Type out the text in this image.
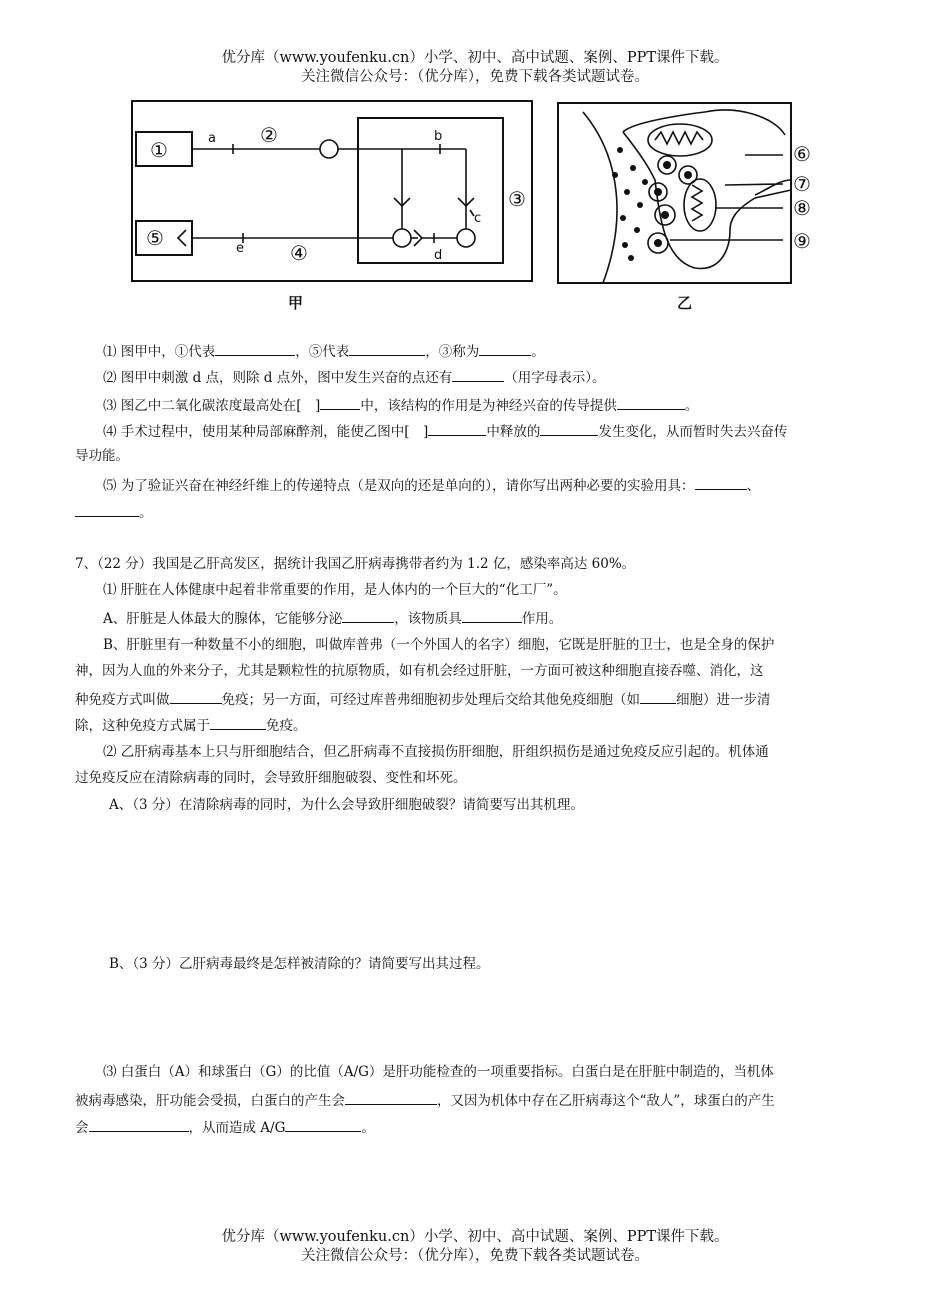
优分库（www.youfenku.cn）小学、初中、高中试题、案例、PPT课件下载。
关注微信公众号：（优分库），免费下载各类试题试卷。
①
⑤
②
④
③
a	b
c
d
e
甲
⑥
⑦
⑧
⑨
乙
⑴ 图甲中，①代表	，⑤代表	，③称为	。
⑵ 图甲中刺激 d 点，则除 d 点外，图中发生兴奋的点还有	（用字母表示）。
⑶ 图乙中二氧化碳浓度最高处在[　]	中，该结构的作用是为神经兴奋的传导提供	。
⑷ 手术过程中，使用某种局部麻醉剂，能使乙图中[　]	中释放的	发生变化，从而暂时失去兴奋传
导功能。
⑸ 为了验证兴奋在神经纤维上的传递特点（是双向的还是单向的），请你写出两种必要的实验用具：	、
。
7、（22 分）我国是乙肝高发区，据统计我国乙肝病毒携带者约为 1.2 亿，感染率高达 60%。
⑴ 肝脏在人体健康中起着非常重要的作用，是人体内的一个巨大的“化工厂”。
A、肝脏是人体最大的腺体，它能够分泌	，该物质具	作用。
B、肝脏里有一种数量不小的细胞，叫做库普弗（一个外国人的名字）细胞，它既是肝脏的卫士，也是全身的保护
神，因为人血的外来分子，尤其是颗粒性的抗原物质，如有机会经过肝脏，一方面可被这种细胞直接吞噬、消化，这
种免疫方式叫做	免疫；另一方面，可经过库普弗细胞初步处理后交给其他免疫细胞（如	细胞）进一步清
除，这种免疫方式属于	免疫。
⑵ 乙肝病毒基本上只与肝细胞结合，但乙肝病毒不直接损伤肝细胞，肝组织损伤是通过免疫反应引起的。机体通
过免疫反应在清除病毒的同时，会导致肝细胞破裂、变性和坏死。
A、（3 分）在清除病毒的同时，为什么会导致肝细胞破裂？请简要写出其机理。
B、（3 分）乙肝病毒最终是怎样被清除的？请简要写出其过程。
⑶ 白蛋白（A）和球蛋白（G）的比值（A/G）是肝功能检查的一项重要指标。白蛋白是在肝脏中制造的，当机体
被病毒感染，肝功能会受损，白蛋白的产生会	，又因为机体中存在乙肝病毒这个“敌人”，球蛋白的产生
会	，从而造成 A/G	。
优分库（www.youfenku.cn）小学、初中、高中试题、案例、PPT课件下载。
关注微信公众号：（优分库），免费下载各类试题试卷。
